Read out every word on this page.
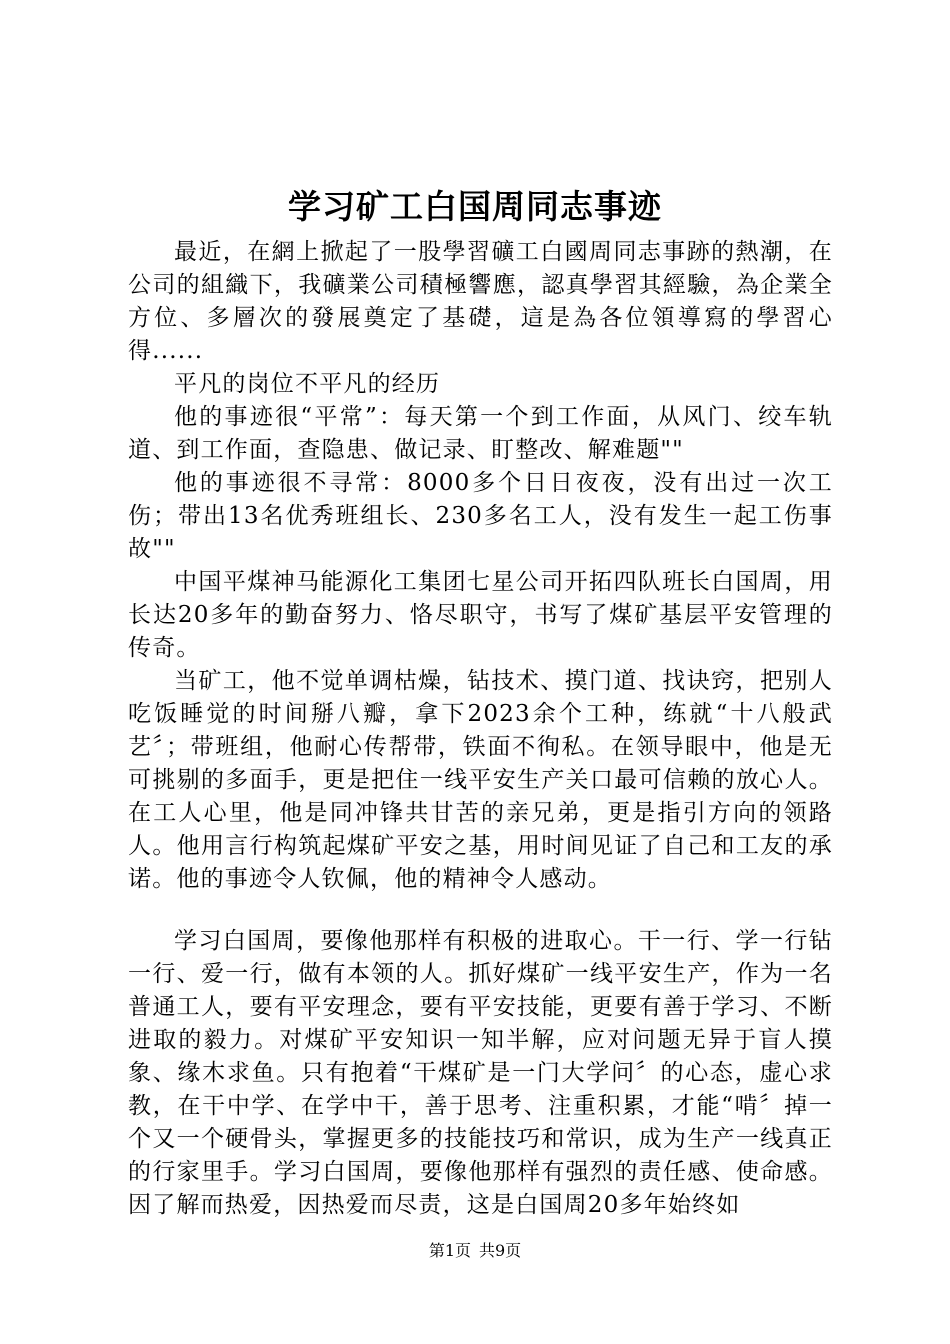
学习矿工白国周同志事迹

最近，在網上掀起了一股學習礦工白國周同志事跡的熱潮，在公司的組織下，我礦業公司積極響應，認真學習其經驗，為企業全方位、多層次的發展奠定了基礎，這是為各位領導寫的學習心得......

平凡的岗位不平凡的经历

他的事迹很“平常”：每天第一个到工作面，从风门、绞车轨道、到工作面，查隐患、做记录、盯整改、解难题""

他的事迹很不寻常：8000多个日日夜夜，没有出过一次工伤；带出13名优秀班组长、230多名工人，没有发生一起工伤事故""

中国平煤神马能源化工集团七星公司开拓四队班长白国周，用长达20多年的勤奋努力、恪尽职守，书写了煤矿基层平安管理的传奇。

当矿工，他不觉单调枯燥，钻技术、摸门道、找诀窍，把别人吃饭睡觉的时间掰八瓣，拿下2023余个工种，练就“十八般武艺〞；带班组，他耐心传帮带，铁面不徇私。在领导眼中，他是无可挑剔的多面手，更是把住一线平安生产关口最可信赖的放心人。在工人心里，他是同冲锋共甘苦的亲兄弟，更是指引方向的领路人。他用言行构筑起煤矿平安之基，用时间见证了自己和工友的承诺。他的事迹令人钦佩，他的精神令人感动。

学习白国周，要像他那样有积极的进取心。干一行、学一行钻一行、爱一行，做有本领的人。抓好煤矿一线平安生产，作为一名普通工人，要有平安理念，要有平安技能，更要有善于学习、不断进取的毅力。对煤矿平安知识一知半解，应对问题无异于盲人摸象、缘木求鱼。只有抱着“干煤矿是一门大学问〞的心态，虚心求教，在干中学、在学中干，善于思考、注重积累，才能“啃〞掉一个又一个硬骨头，掌握更多的技能技巧和常识，成为生产一线真正的行家里手。学习白国周，要像他那样有强烈的责任感、使命感。因了解而热爱，因热爱而尽责，这是白国周20多年始终如

第1页 共9页
